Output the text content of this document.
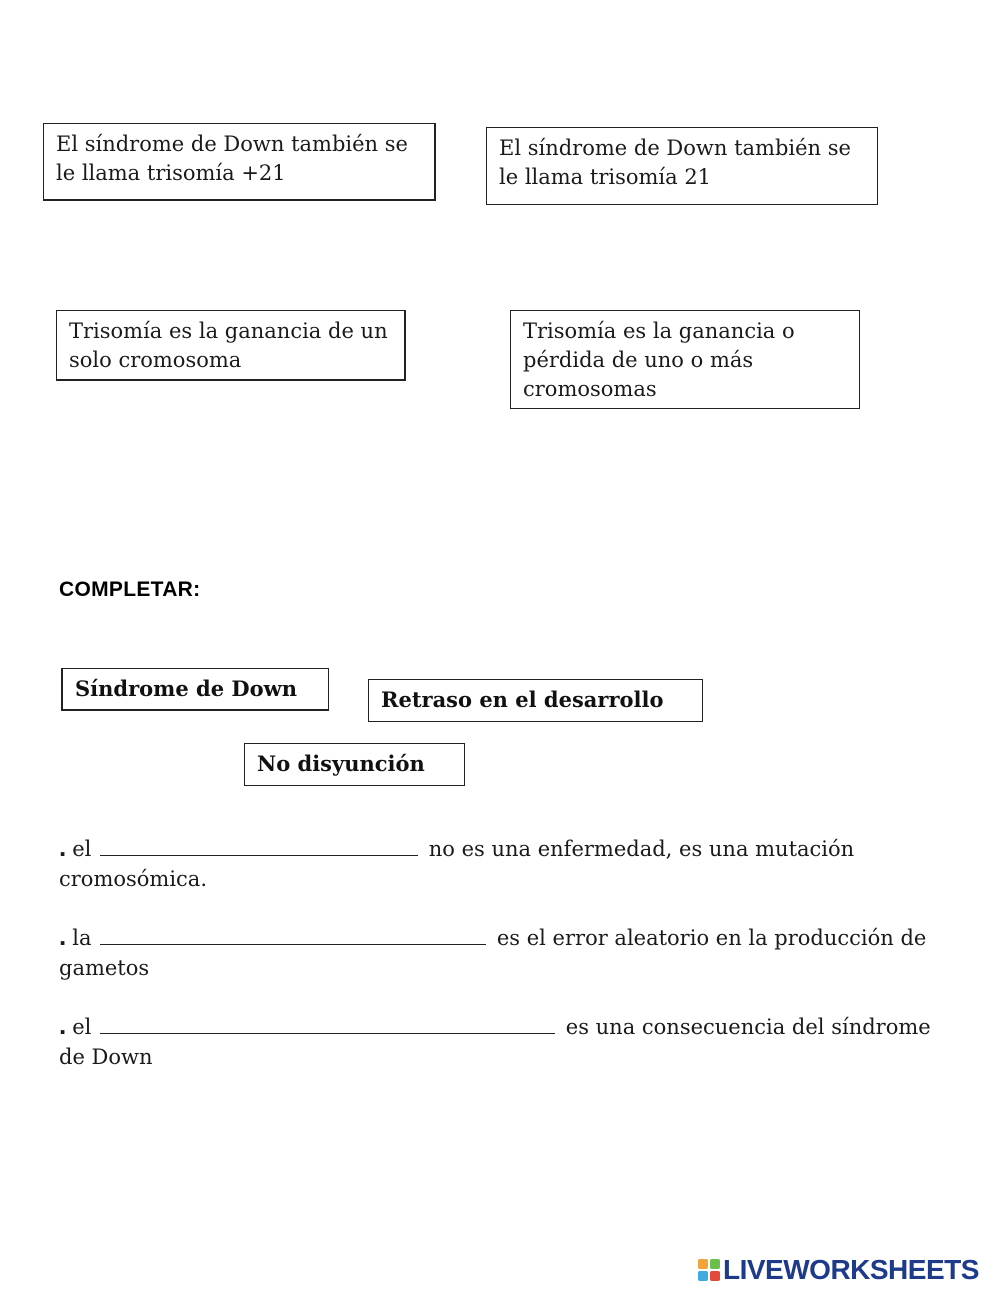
El síndrome de Down también se le llama trisomía +21
El síndrome de Down también se le llama trisomía 21
Trisomía es la ganancia de un solo cromosoma
Trisomía es la ganancia o pérdida de uno o más cromosomas
COMPLETAR:
Síndrome de Down	Retraso en el desarrollo
No disyunción
. el	no es una enfermedad, es una mutación cromosómica.
. la	es el error aleatorio en la producción de gametos
. el	es una consecuencia del síndrome de Down
LIVEWORKSHEETS
